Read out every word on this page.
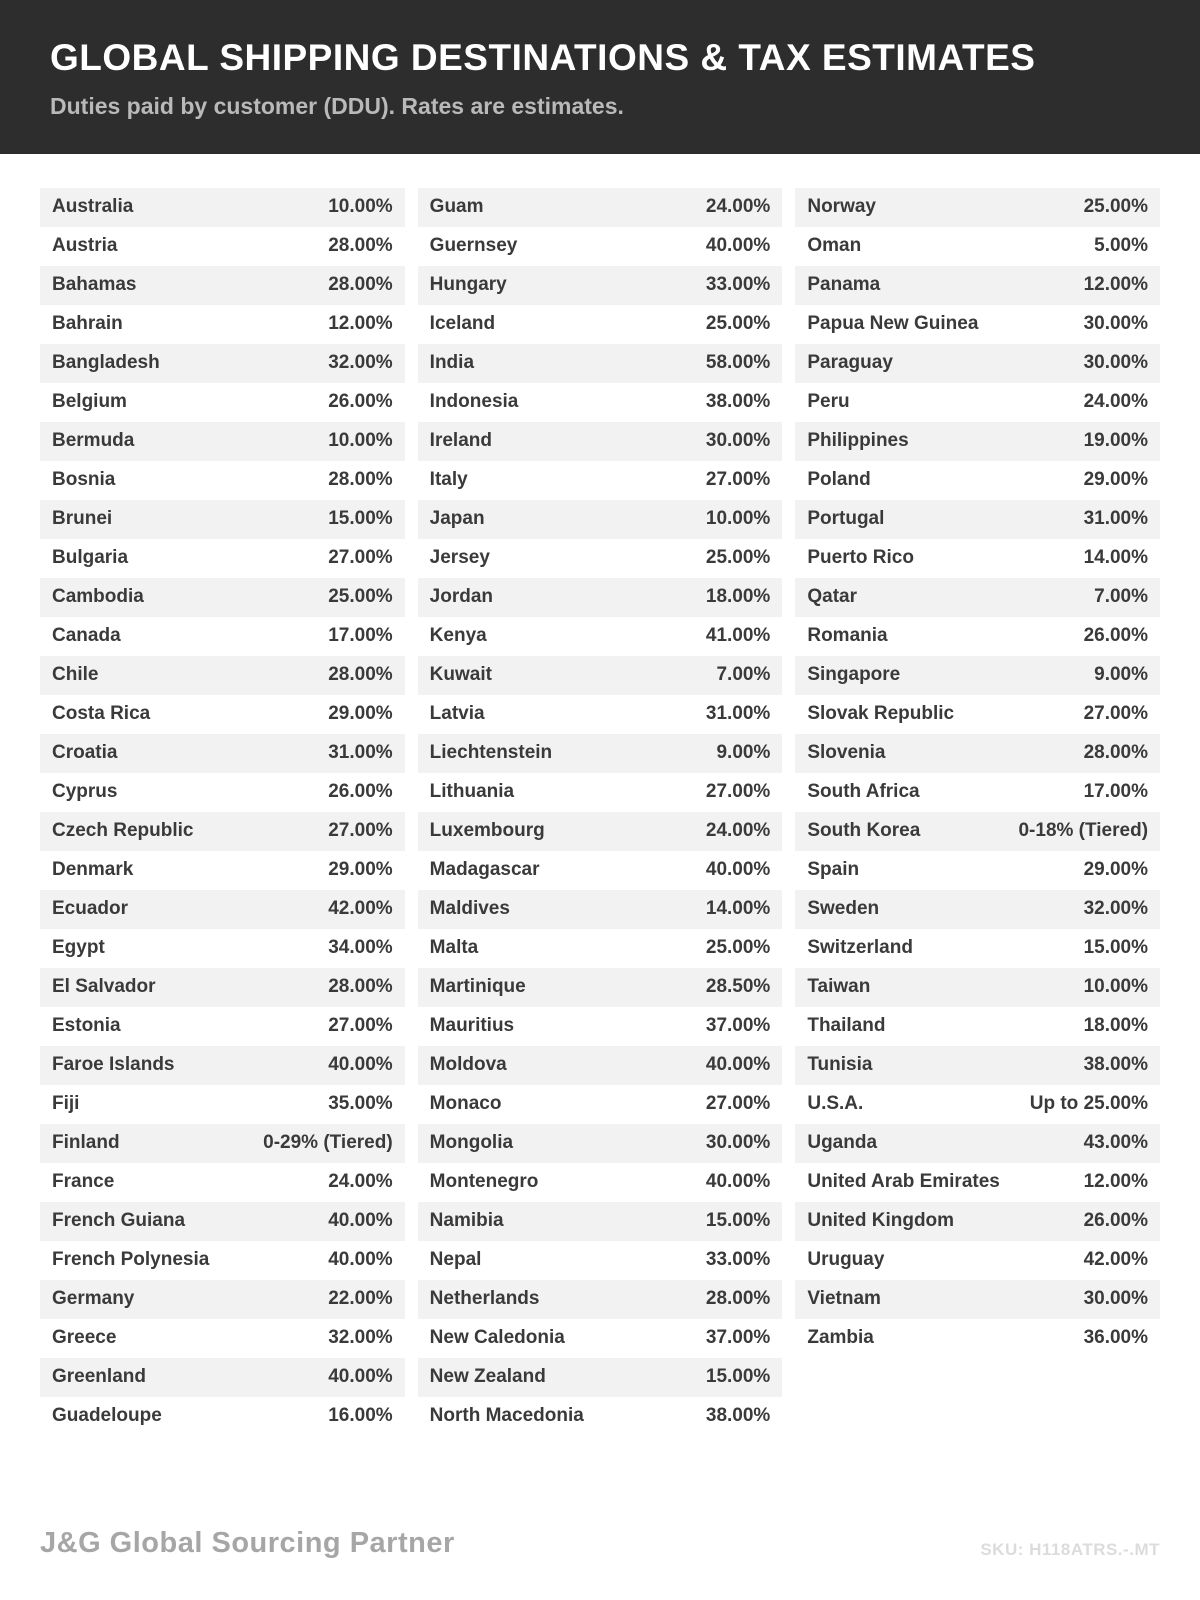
GLOBAL SHIPPING DESTINATIONS & TAX ESTIMATES
Duties paid by customer (DDU). Rates are estimates.
Australia	10.00%
Austria	28.00%
Bahamas	28.00%
Bahrain	12.00%
Bangladesh	32.00%
Belgium	26.00%
Bermuda	10.00%
Bosnia	28.00%
Brunei	15.00%
Bulgaria	27.00%
Cambodia	25.00%
Canada	17.00%
Chile	28.00%
Costa Rica	29.00%
Croatia	31.00%
Cyprus	26.00%
Czech Republic	27.00%
Denmark	29.00%
Ecuador	42.00%
Egypt	34.00%
El Salvador	28.00%
Estonia	27.00%
Faroe Islands	40.00%
Fiji	35.00%
Finland	0-29% (Tiered)
France	24.00%
French Guiana	40.00%
French Polynesia	40.00%
Germany	22.00%
Greece	32.00%
Greenland	40.00%
Guadeloupe	16.00%
Guam	24.00%
Guernsey	40.00%
Hungary	33.00%
Iceland	25.00%
India	58.00%
Indonesia	38.00%
Ireland	30.00%
Italy	27.00%
Japan	10.00%
Jersey	25.00%
Jordan	18.00%
Kenya	41.00%
Kuwait	7.00%
Latvia	31.00%
Liechtenstein	9.00%
Lithuania	27.00%
Luxembourg	24.00%
Madagascar	40.00%
Maldives	14.00%
Malta	25.00%
Martinique	28.50%
Mauritius	37.00%
Moldova	40.00%
Monaco	27.00%
Mongolia	30.00%
Montenegro	40.00%
Namibia	15.00%
Nepal	33.00%
Netherlands	28.00%
New Caledonia	37.00%
New Zealand	15.00%
North Macedonia	38.00%
Norway	25.00%
Oman	5.00%
Panama	12.00%
Papua New Guinea	30.00%
Paraguay	30.00%
Peru	24.00%
Philippines	19.00%
Poland	29.00%
Portugal	31.00%
Puerto Rico	14.00%
Qatar	7.00%
Romania	26.00%
Singapore	9.00%
Slovak Republic	27.00%
Slovenia	28.00%
South Africa	17.00%
South Korea	0-18% (Tiered)
Spain	29.00%
Sweden	32.00%
Switzerland	15.00%
Taiwan	10.00%
Thailand	18.00%
Tunisia	38.00%
U.S.A.	Up to 25.00%
Uganda	43.00%
United Arab Emirates	12.00%
United Kingdom	26.00%
Uruguay	42.00%
Vietnam	30.00%
Zambia	36.00%
J&G Global Sourcing Partner	SKU: H118ATRS.-.MT
